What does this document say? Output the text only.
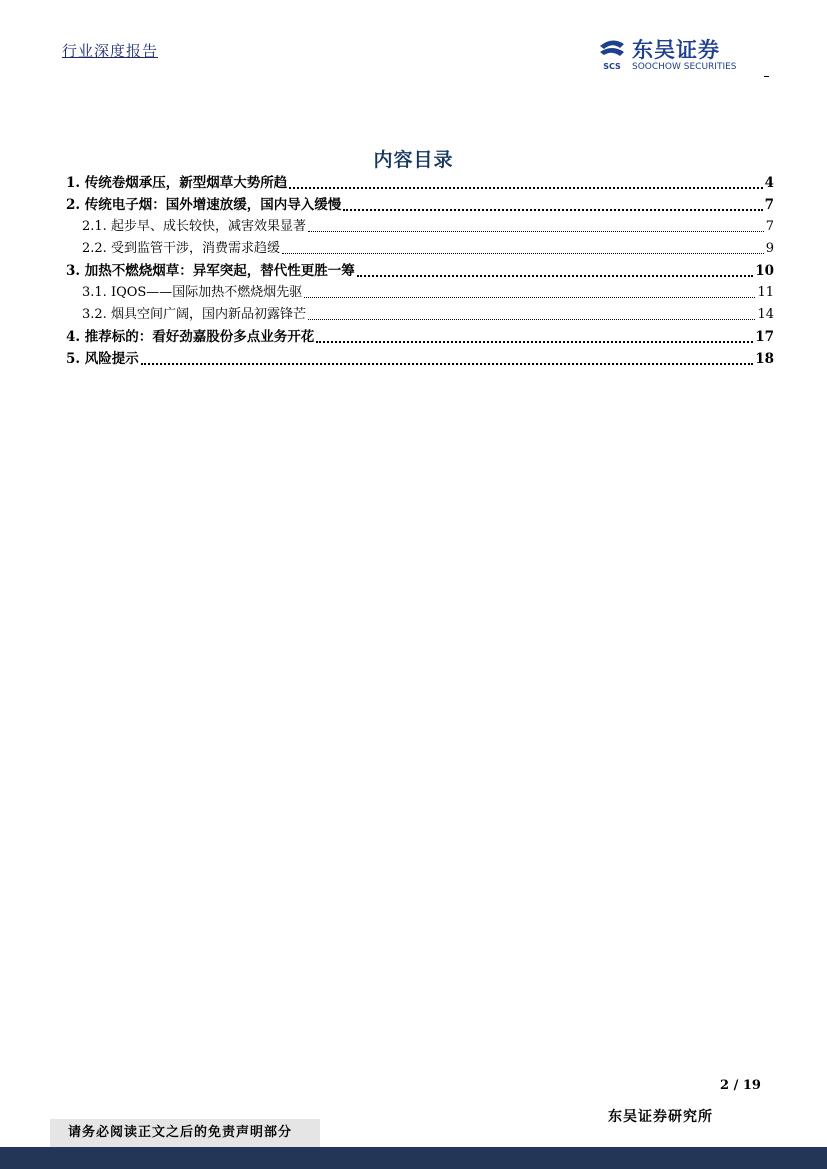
行业深度报告
SCS
东吴证券
SOOCHOW SECURITIES
内容目录
1. 传统卷烟承压，新型烟草大势所趋	4
2. 传统电子烟：国外增速放缓，国内导入缓慢	7
2.1. 起步早、成长较快，减害效果显著	7
2.2. 受到监管干涉，消费需求趋缓	9
3. 加热不燃烧烟草：异军突起，替代性更胜一筹	10
3.1. IQOS——国际加热不燃烧烟先驱	11
3.2. 烟具空间广阔，国内新品初露锋芒	14
4. 推荐标的：看好劲嘉股份多点业务开花	17
5. 风险提示	18
2 / 19
东吴证券研究所
请务必阅读正文之后的免责声明部分
